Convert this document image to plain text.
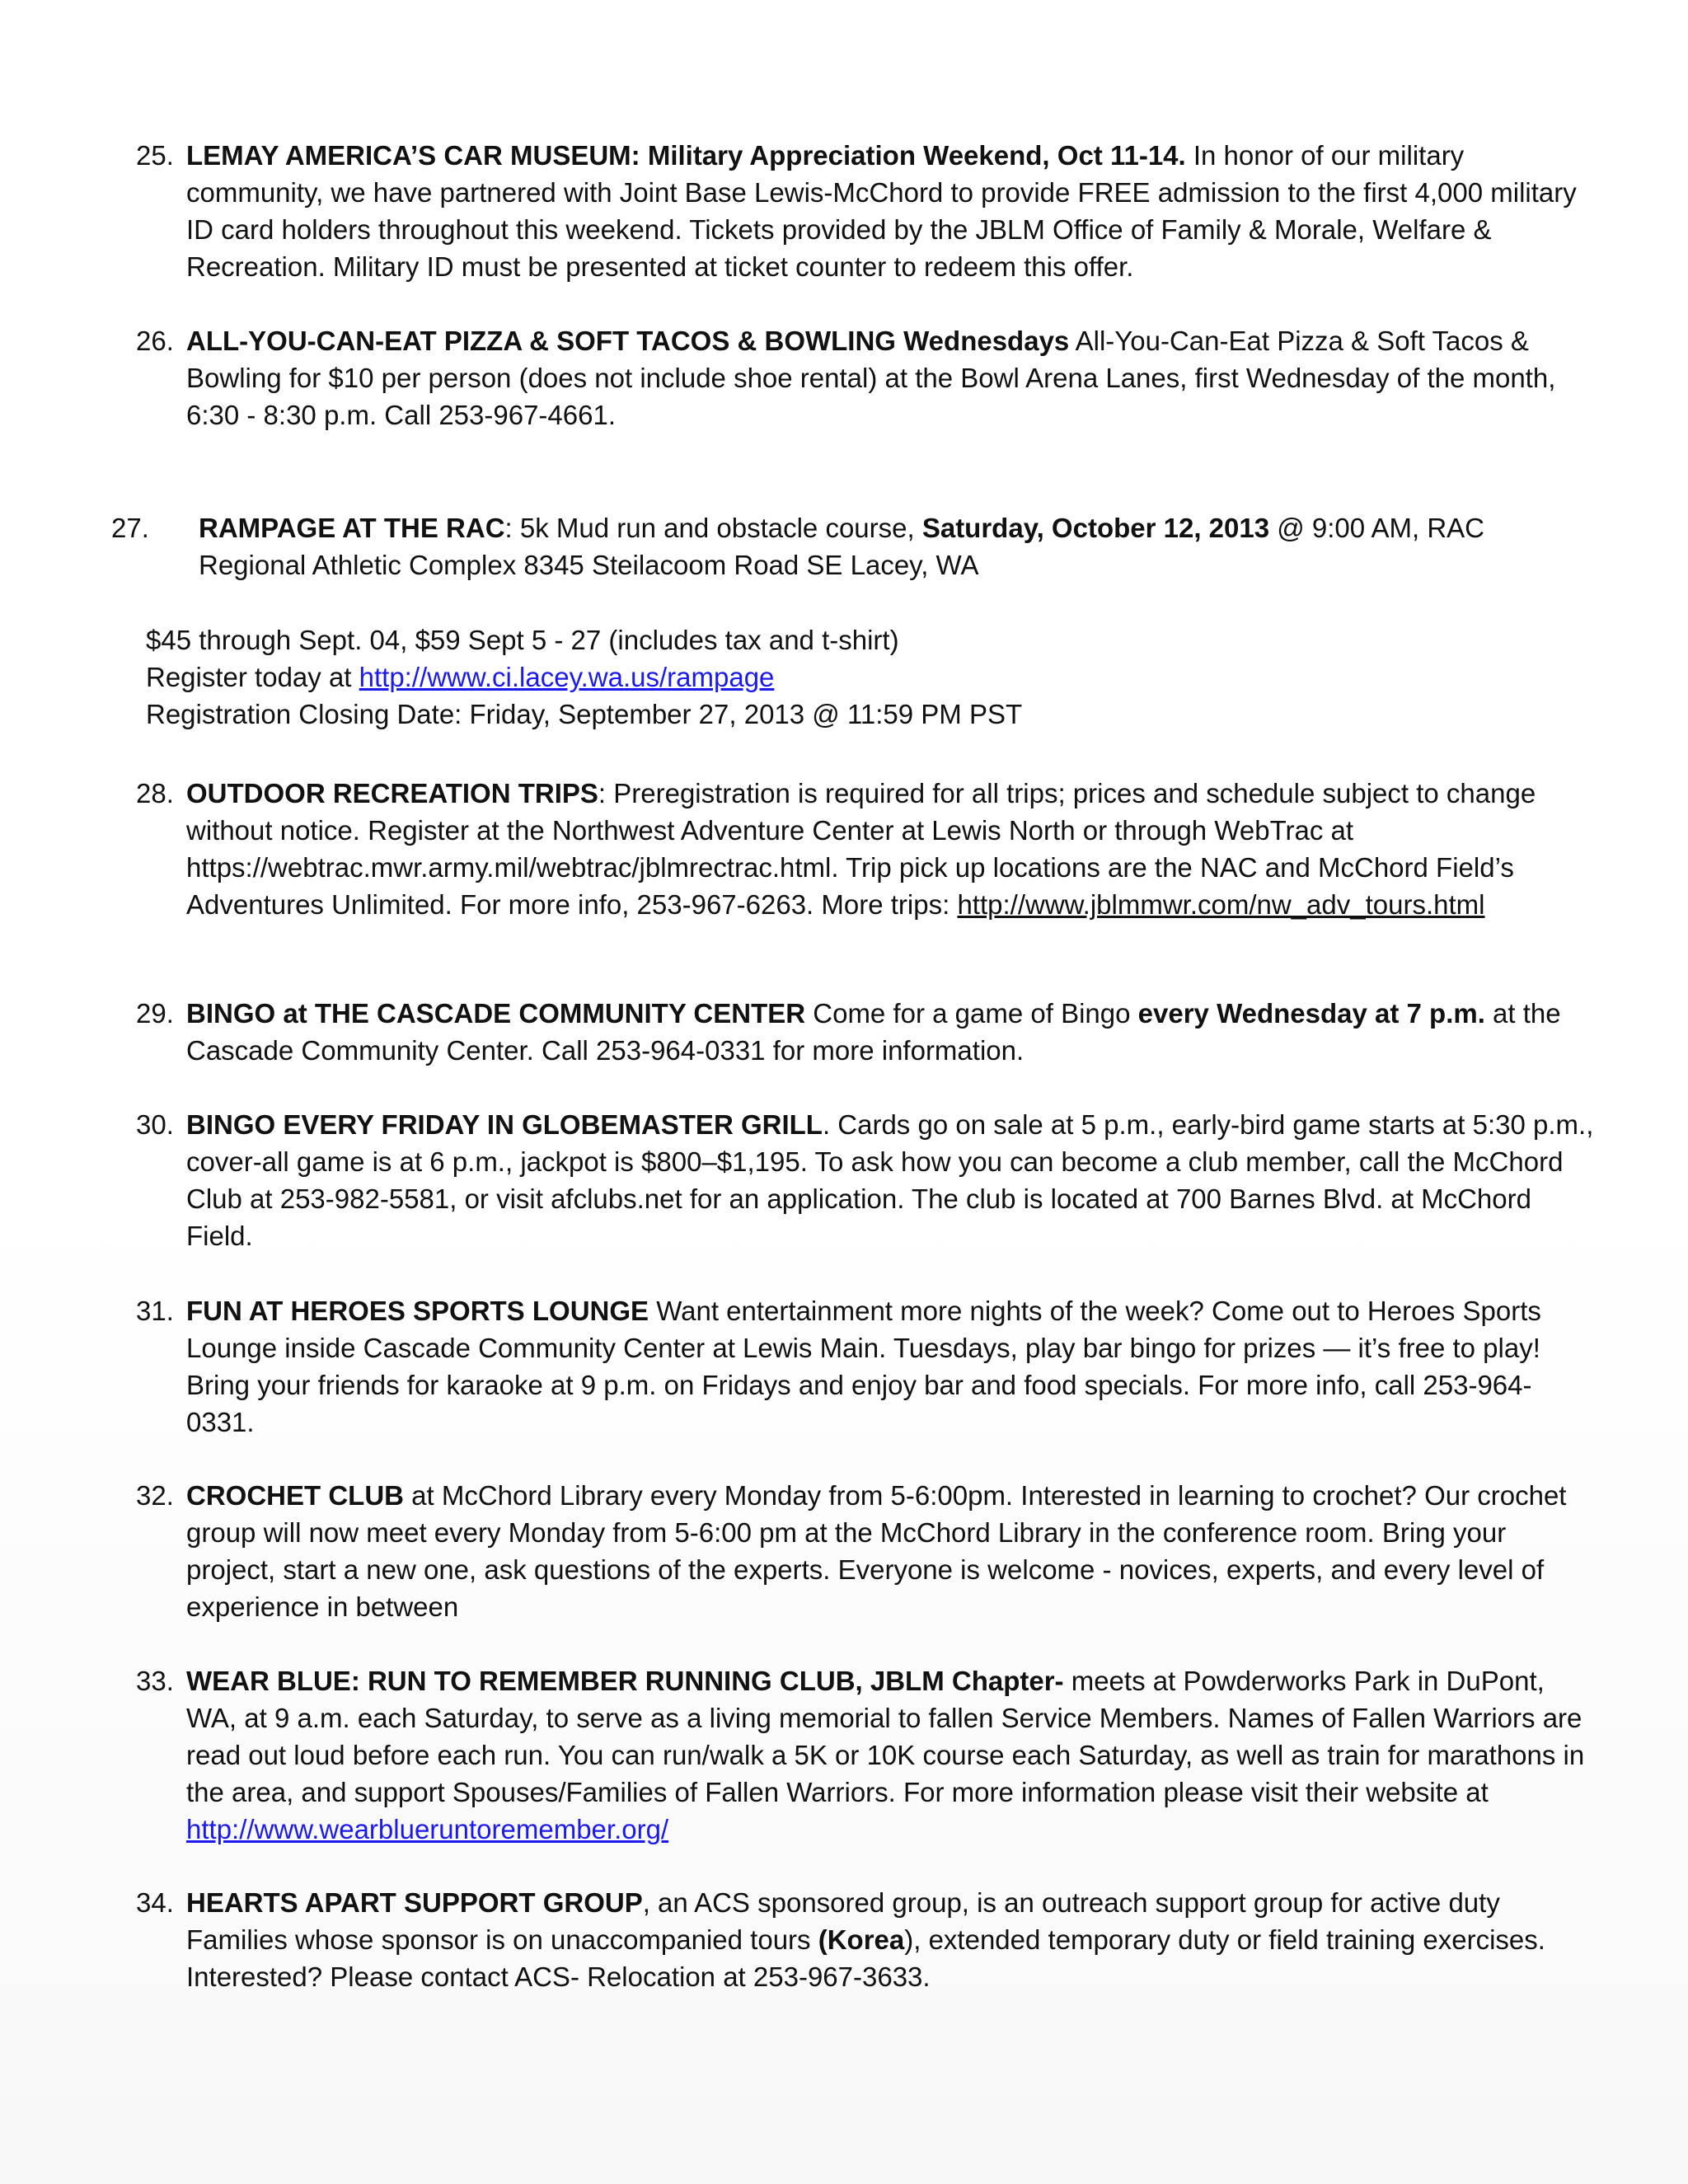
25. LEMAY AMERICA’S CAR MUSEUM: Military Appreciation Weekend, Oct 11-14. In honor of our military community, we have partnered with Joint Base Lewis-McChord to provide FREE admission to the first 4,000 military ID card holders throughout this weekend. Tickets provided by the JBLM Office of Family & Morale, Welfare & Recreation. Military ID must be presented at ticket counter to redeem this offer.
26. ALL-YOU-CAN-EAT PIZZA & SOFT TACOS & BOWLING Wednesdays All-You-Can-Eat Pizza & Soft Tacos & Bowling for $10 per person (does not include shoe rental) at the Bowl Arena Lanes, first Wednesday of the month, 6:30 - 8:30 p.m. Call 253-967-4661.
27.	RAMPAGE AT THE RAC: 5k Mud run and obstacle course, Saturday, October 12, 2013 @ 9:00 AM, RAC Regional Athletic Complex 8345 Steilacoom Road SE Lacey, WA
$45 through Sept. 04, $59 Sept 5 - 27 (includes tax and t-shirt)
Register today at http://www.ci.lacey.wa.us/rampage
Registration Closing Date: Friday, September 27, 2013 @ 11:59 PM PST
28. OUTDOOR RECREATION TRIPS: Preregistration is required for all trips; prices and schedule subject to change without notice. Register at the Northwest Adventure Center at Lewis North or through WebTrac at https://webtrac.mwr.army.mil/webtrac/jblmrectrac.html. Trip pick up locations are the NAC and McChord Field’s Adventures Unlimited. For more info, 253-967-6263. More trips: http://www.jblmmwr.com/nw_adv_tours.html
29. BINGO at THE CASCADE COMMUNITY CENTER Come for a game of Bingo every Wednesday at 7 p.m. at the Cascade Community Center. Call 253-964-0331 for more information.
30. BINGO EVERY FRIDAY IN GLOBEMASTER GRILL. Cards go on sale at 5 p.m., early-bird game starts at 5:30 p.m., cover-all game is at 6 p.m., jackpot is $800–$1,195. To ask how you can become a club member, call the McChord Club at 253-982-5581, or visit afclubs.net for an application. The club is located at 700 Barnes Blvd. at McChord Field.
31. FUN AT HEROES SPORTS LOUNGE Want entertainment more nights of the week? Come out to Heroes Sports Lounge inside Cascade Community Center at Lewis Main. Tuesdays, play bar bingo for prizes — it’s free to play! Bring your friends for karaoke at 9 p.m. on Fridays and enjoy bar and food specials. For more info, call 253-964-0331.
32. CROCHET CLUB at McChord Library every Monday from 5-6:00pm. Interested in learning to crochet? Our crochet group will now meet every Monday from 5-6:00 pm at the McChord Library in the conference room. Bring your project, start a new one, ask questions of the experts. Everyone is welcome - novices, experts, and every level of experience in between
33. WEAR BLUE: RUN TO REMEMBER RUNNING CLUB, JBLM Chapter- meets at Powderworks Park in DuPont, WA, at 9 a.m. each Saturday, to serve as a living memorial to fallen Service Members. Names of Fallen Warriors are read out loud before each run. You can run/walk a 5K or 10K course each Saturday, as well as train for marathons in the area, and support Spouses/Families of Fallen Warriors. For more information please visit their website at http://www.wearblueruntoremember.org/
34. HEARTS APART SUPPORT GROUP, an ACS sponsored group, is an outreach support group for active duty Families whose sponsor is on unaccompanied tours (Korea), extended temporary duty or field training exercises. Interested? Please contact ACS- Relocation at 253-967-3633.
